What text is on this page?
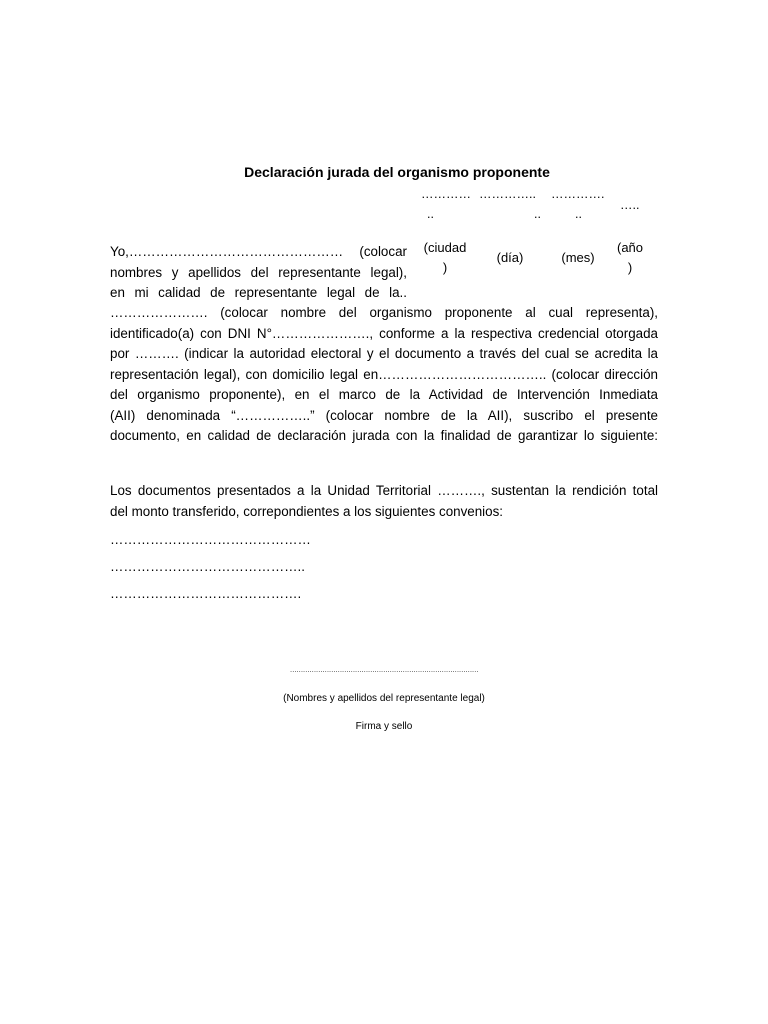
Declaración jurada del organismo proponente
…………
..
…………..
..
………….
..
…..
(ciudad
)
(día)	(mes)
(año
)
Yo,………………………………………… (colocar
nombres y apellidos del representante legal),
en mi calidad de representante legal de la..
…………………. (colocar nombre del organismo proponente al cual representa),
identificado(a) con DNI N°…………………., conforme a la respectiva credencial otorgada
por ………. (indicar la autoridad electoral y el documento a través del cual se acredita la
representación legal), con domicilio legal en……………………………….. (colocar dirección
del organismo proponente), en el marco de la Actividad de Intervención Inmediata
(AII) denominada “……………..” (colocar nombre de la AII), suscribo el presente
documento, en calidad de declaración jurada con la finalidad de garantizar lo siguiente:
Los documentos presentados a la Unidad Territorial ………., sustentan la rendición total
del monto transferido, correpondientes a los siguientes convenios:
………………………………………
……………………………………..
…………………………………….
……………………………………………………………………………
(Nombres y apellidos del representante legal)
Firma y sello
